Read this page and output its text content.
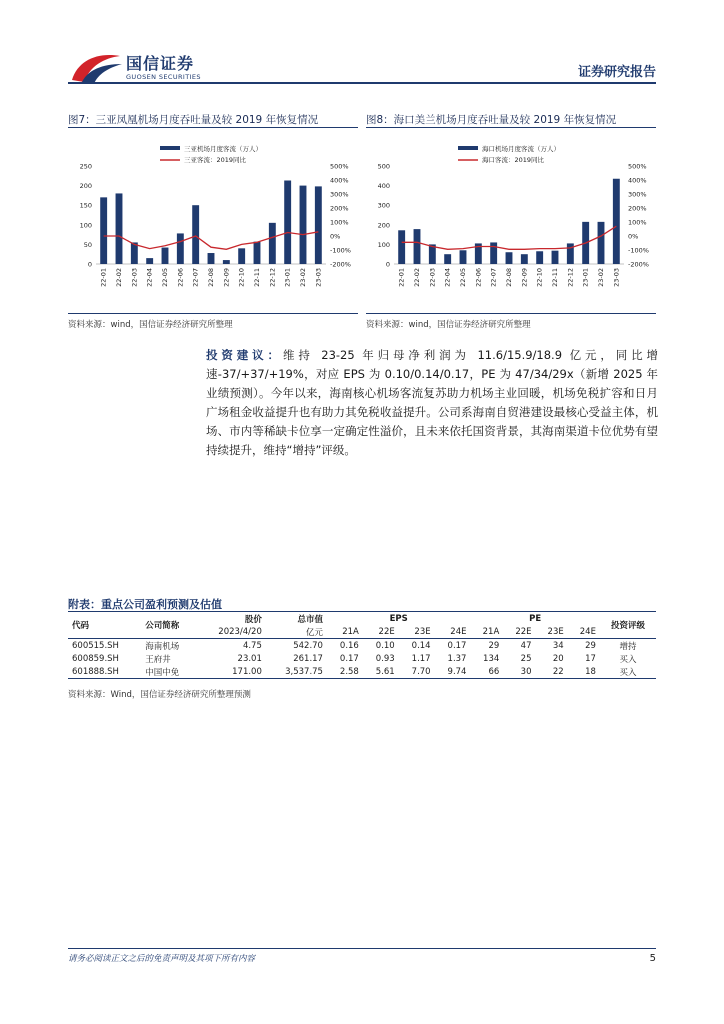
国信证券
GUOSEN SECURITIES	证券研究报告
图7：三亚凤凰机场月度吞吐量及较 2019 年恢复情况
三亚机场月度客流（万人）
三亚客流：2019同比
0
50
100
150
200
250
-200%
-100%
0%
100%
200%
300%
400%
500%
22-01 22-02 22-03 22-04 22-05 22-06 22-07 22-08 22-09 22-10 22-11 22-12 23-01 23-02 23-03
资料来源：wind，国信证券经济研究所整理
图8：海口美兰机场月度吞吐量及较 2019 年恢复情况
海口机场月度客流（万人）
海口客流：2019同比
0
100
200
300
400
500
-200%
-100%
0%
100%
200%
300%
400%
500%
22-01 22-02 22-03 22-04 22-05 22-06 22-07 22-08 22-09 22-10 22-11 22-12 23-01 23-02 23-03
资料来源：wind，国信证券经济研究所整理
投资建议：维持 23-25 年归母净利润为 11.6/15.9/18.9 亿元，同比增速-37/+37/+19%，对应 EPS 为 0.10/0.14/0.17，PE 为 47/34/29x（新增 2025 年业绩预测）。今年以来，海南核心机场客流复苏助力机场主业回暖，机场免税扩容和日月广场租金收益提升也有助力其免税收益提升。公司系海南自贸港建设最核心受益主体，机场、市内等稀缺卡位享一定确定性溢价，且未来依托国资背景，其海南渠道卡位优势有望持续提升，维持“增持”评级。
附表：重点公司盈利预测及估值
代码	公司简称	股价	总市值	EPS				PE				投资评级
		2023/4/20	亿元	21A	22E	23E	24E	21A	22E	23E	24E	
600515.SH	海南机场	4.75	542.70	0.16	0.10	0.14	0.17	29	47	34	29	增持
600859.SH	王府井	23.01	261.17	0.17	0.93	1.17	1.37	134	25	20	17	买入
601888.SH	中国中免	171.00	3,537.75	2.58	5.61	7.70	9.74	66	30	22	18	买入
资料来源：Wind，国信证券经济研究所整理预测
请务必阅读正文之后的免责声明及其项下所有内容	5
